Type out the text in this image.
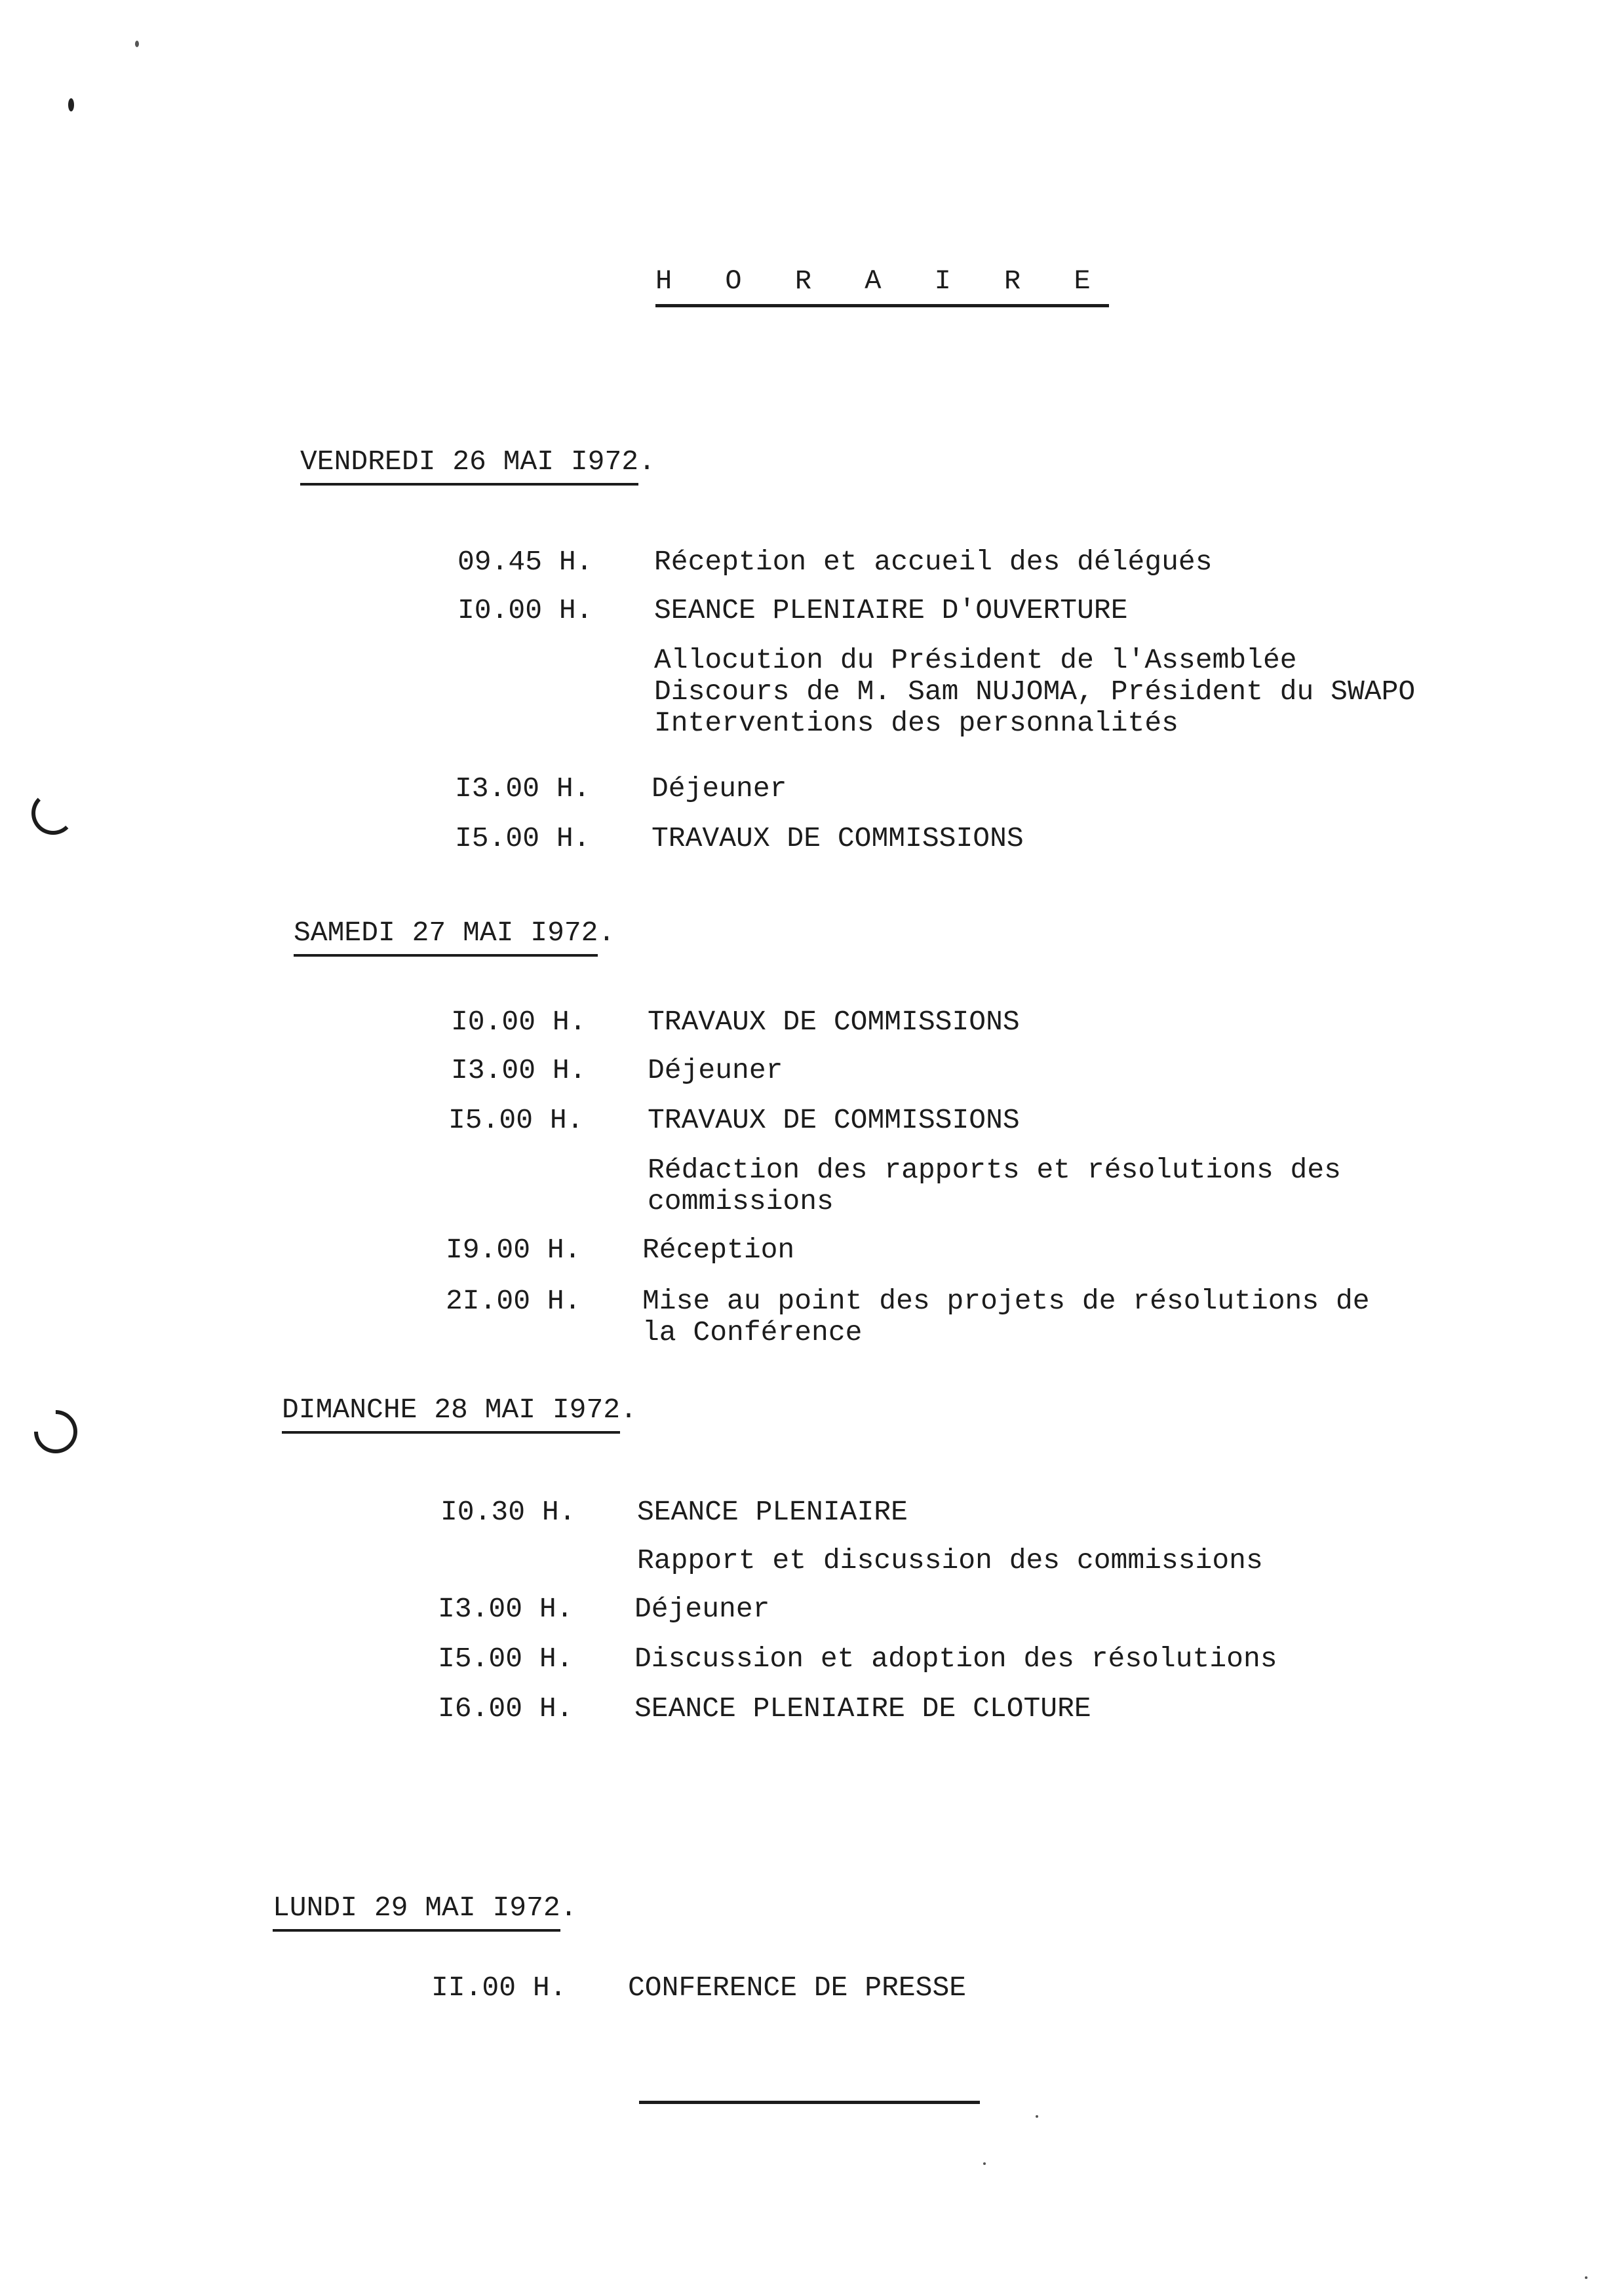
H O R A I R E
VENDREDI 26 MAI I972.
09.45 H.	Réception et accueil des délégués
I0.00 H.	SEANCE PLENIAIRE D'OUVERTURE
Allocution du Président de l'Assemblée
Discours de M. Sam NUJOMA, Président du SWAPO
Interventions des personnalités
I3.00 H.	Déjeuner
I5.00 H.	TRAVAUX DE COMMISSIONS
SAMEDI 27 MAI I972.
I0.00 H.	TRAVAUX DE COMMISSIONS
I3.00 H.	Déjeuner
I5.00 H.	TRAVAUX DE COMMISSIONS
Rédaction des rapports et résolutions des
commissions
I9.00 H.	Réception
2I.00 H.	Mise au point des projets de résolutions de
la Conférence
DIMANCHE 28 MAI I972.
I0.30 H.	SEANCE PLENIAIRE
Rapport et discussion des commissions
I3.00 H.	Déjeuner
I5.00 H.	Discussion et adoption des résolutions
I6.00 H.	SEANCE PLENIAIRE DE CLOTURE
LUNDI 29 MAI I972.
II.00 H.	CONFERENCE DE PRESSE
